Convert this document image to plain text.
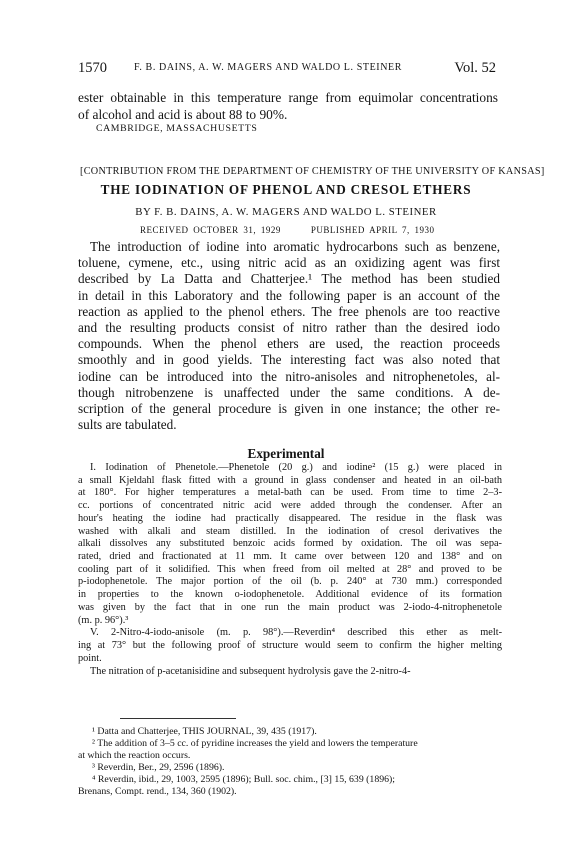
1570	F. B. DAINS, A. W. MAGERS AND WALDO L. STEINER	Vol. 52
ester obtainable in this temperature range from equimolar concentrations
of alcohol and acid is about 88 to 90%.
CAMBRIDGE, MASSACHUSETTS
[CONTRIBUTION FROM THE DEPARTMENT OF CHEMISTRY OF THE UNIVERSITY OF KANSAS]
THE IODINATION OF PHENOL AND CRESOL ETHERS
BY F. B. DAINS, A. W. MAGERS AND WALDO L. STEINER
RECEIVED OCTOBER 31, 1929	PUBLISHED APRIL 7, 1930
The introduction of iodine into aromatic hydrocarbons such as benzene,
toluene, cymene, etc., using nitric acid as an oxidizing agent was first
described by La Datta and Chatterjee.¹ The method has been studied
in detail in this Laboratory and the following paper is an account of the
reaction as applied to the phenol ethers. The free phenols are too reactive
and the resulting products consist of nitro rather than the desired iodo
compounds. When the phenol ethers are used, the reaction proceeds
smoothly and in good yields. The interesting fact was also noted that
iodine can be introduced into the nitro-anisoles and nitrophenetoles, al-
though nitrobenzene is unaffected under the same conditions. A de-
scription of the general procedure is given in one instance; the other re-
sults are tabulated.
Experimental
I. Iodination of Phenetole.—Phenetole (20 g.) and iodine² (15 g.) were placed in
a small Kjeldahl flask fitted with a ground in glass condenser and heated in an oil-bath
at 180°. For higher temperatures a metal-bath can be used. From time to time 2–3-
cc. portions of concentrated nitric acid were added through the condenser. After an
hour's heating the iodine had practically disappeared. The residue in the flask was
washed with alkali and steam distilled. In the iodination of cresol derivatives the
alkali dissolves any substituted benzoic acids formed by oxidation. The oil was sepa-
rated, dried and fractionated at 11 mm. It came over between 120 and 138° and on
cooling part of it solidified. This when freed from oil melted at 28° and proved to be
p-iodophenetole. The major portion of the oil (b. p. 240° at 730 mm.) corresponded
in properties to the known o-iodophenetole. Additional evidence of its formation
was given by the fact that in one run the main product was 2-iodo-4-nitrophenetole
(m. p. 96°).³
V. 2-Nitro-4-iodo-anisole (m. p. 98°).—Reverdin⁴ described this ether as melt-
ing at 73° but the following proof of structure would seem to confirm the higher melting
point.
The nitration of p-acetanisidine and subsequent hydrolysis gave the 2-nitro-4-
¹ Datta and Chatterjee, THIS JOURNAL, 39, 435 (1917).
² The addition of 3–5 cc. of pyridine increases the yield and lowers the temperature
at which the reaction occurs.
³ Reverdin, Ber., 29, 2596 (1896).
⁴ Reverdin, ibid., 29, 1003, 2595 (1896); Bull. soc. chim., [3] 15, 639 (1896);
Brenans, Compt. rend., 134, 360 (1902).
